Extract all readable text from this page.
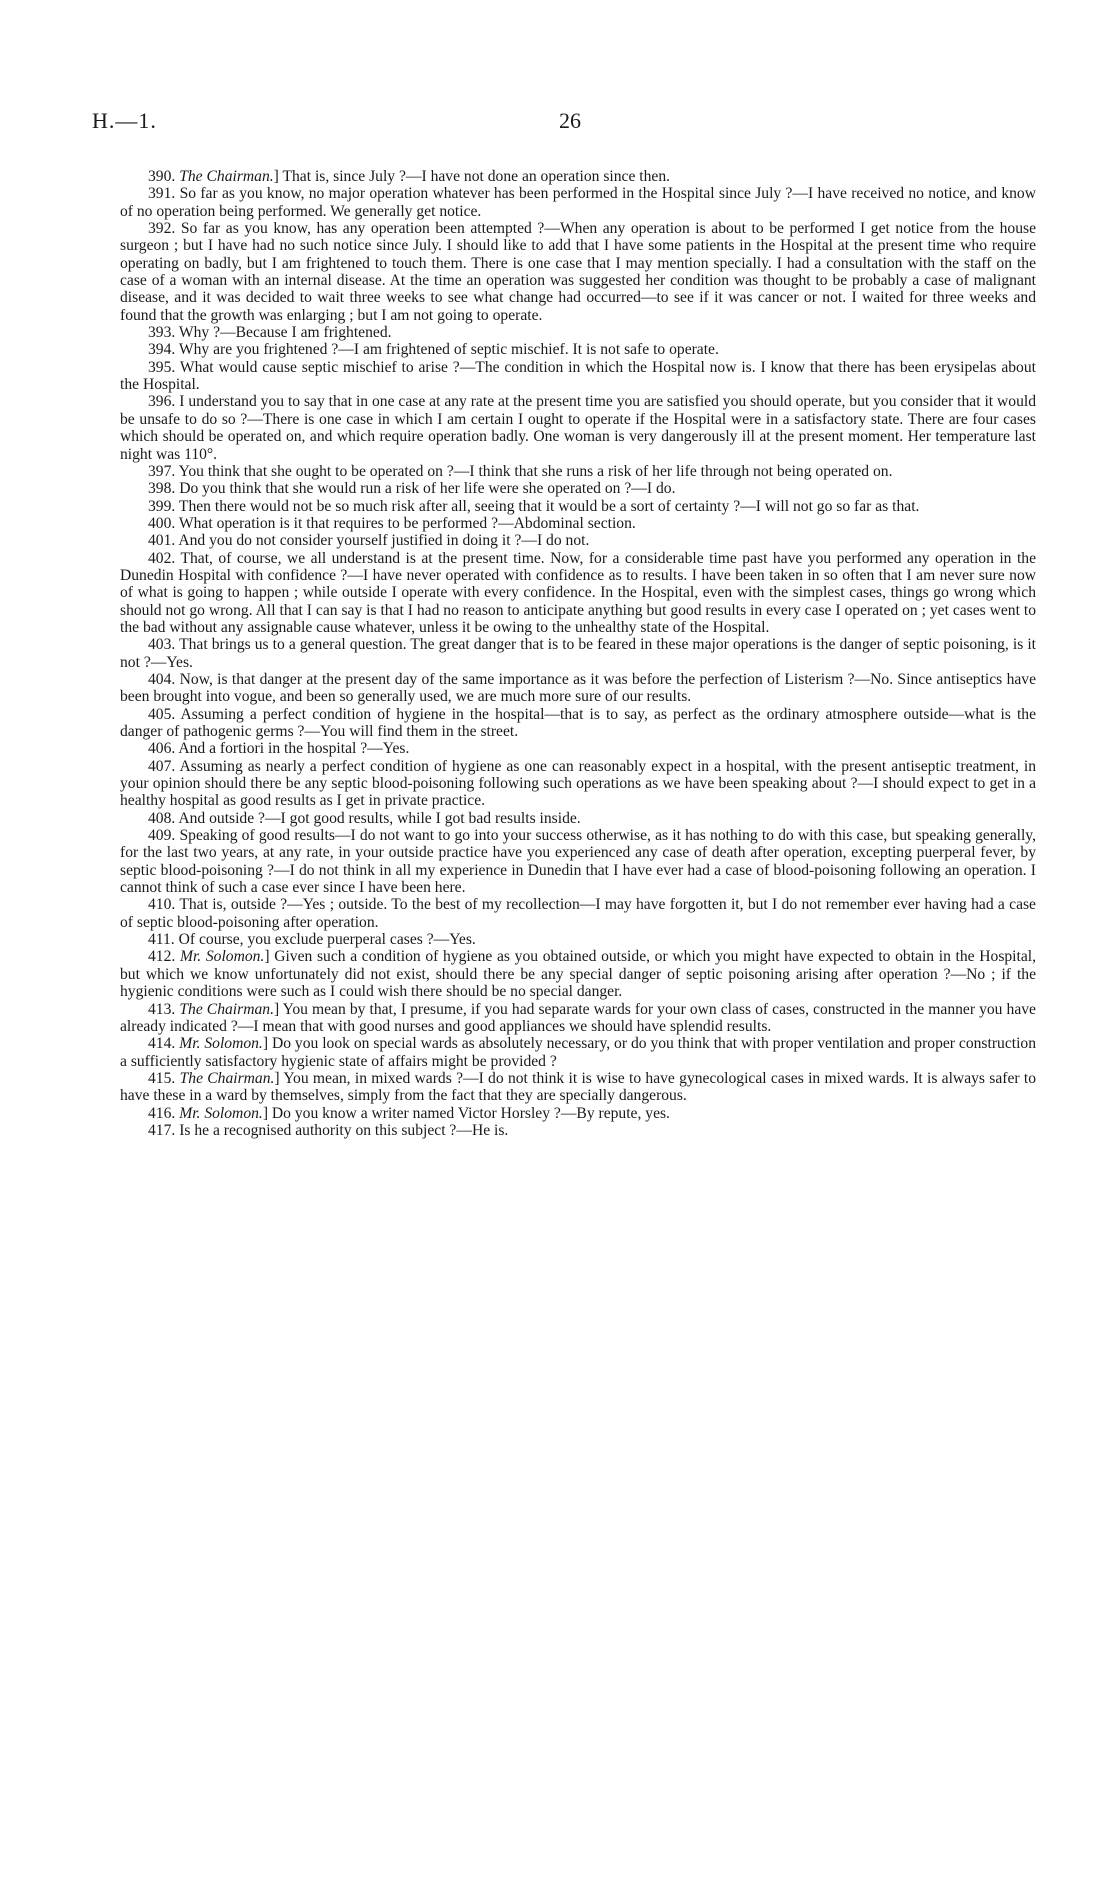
H.—1.	26

390. The Chairman.] That is, since July ?—I have not done an operation since then.

391. So far as you know, no major operation whatever has been performed in the Hospital since July ?—I have received no notice, and know of no operation being performed. We generally get notice.

392. So far as you know, has any operation been attempted ?—When any operation is about to be performed I get notice from the house surgeon ; but I have had no such notice since July. I should like to add that I have some patients in the Hospital at the present time who require operating on badly, but I am frightened to touch them. There is one case that I may mention specially. I had a consultation with the staff on the case of a woman with an internal disease. At the time an operation was suggested her condition was thought to be probably a case of malignant disease, and it was decided to wait three weeks to see what change had occurred—to see if it was cancer or not. I waited for three weeks and found that the growth was enlarging ; but I am not going to operate.

393. Why ?—Because I am frightened.

394. Why are you frightened ?—I am frightened of septic mischief. It is not safe to operate.

395. What would cause septic mischief to arise ?—The condition in which the Hospital now is. I know that there has been erysipelas about the Hospital.

396. I understand you to say that in one case at any rate at the present time you are satisfied you should operate, but you consider that it would be unsafe to do so ?—There is one case in which I am certain I ought to operate if the Hospital were in a satisfactory state. There are four cases which should be operated on, and which require operation badly. One woman is very dangerously ill at the present moment. Her temperature last night was 110°.

397. You think that she ought to be operated on ?—I think that she runs a risk of her life through not being operated on.

398. Do you think that she would run a risk of her life were she operated on ?—I do.

399. Then there would not be so much risk after all, seeing that it would be a sort of certainty ?—I will not go so far as that.

400. What operation is it that requires to be performed ?—Abdominal section.

401. And you do not consider yourself justified in doing it ?—I do not.

402. That, of course, we all understand is at the present time. Now, for a considerable time past have you performed any operation in the Dunedin Hospital with confidence ?—I have never operated with confidence as to results. I have been taken in so often that I am never sure now of what is going to happen ; while outside I operate with every confidence. In the Hospital, even with the simplest cases, things go wrong which should not go wrong. All that I can say is that I had no reason to anticipate anything but good results in every case I operated on ; yet cases went to the bad without any assignable cause whatever, unless it be owing to the unhealthy state of the Hospital.

403. That brings us to a general question. The great danger that is to be feared in these major operations is the danger of septic poisoning, is it not ?—Yes.

404. Now, is that danger at the present day of the same importance as it was before the perfection of Listerism ?—No. Since antiseptics have been brought into vogue, and been so generally used, we are much more sure of our results.

405. Assuming a perfect condition of hygiene in the hospital—that is to say, as perfect as the ordinary atmosphere outside—what is the danger of pathogenic germs ?—You will find them in the street.

406. And a fortiori in the hospital ?—Yes.

407. Assuming as nearly a perfect condition of hygiene as one can reasonably expect in a hospital, with the present antiseptic treatment, in your opinion should there be any septic blood-poisoning following such operations as we have been speaking about ?—I should expect to get in a healthy hospital as good results as I get in private practice.

408. And outside ?—I got good results, while I got bad results inside.

409. Speaking of good results—I do not want to go into your success otherwise, as it has nothing to do with this case, but speaking generally, for the last two years, at any rate, in your outside practice have you experienced any case of death after operation, excepting puerperal fever, by septic blood-poisoning ?—I do not think in all my experience in Dunedin that I have ever had a case of blood-poisoning following an operation. I cannot think of such a case ever since I have been here.

410. That is, outside ?—Yes ; outside. To the best of my recollection—I may have forgotten it, but I do not remember ever having had a case of septic blood-poisoning after operation.

411. Of course, you exclude puerperal cases ?—Yes.

412. Mr. Solomon.] Given such a condition of hygiene as you obtained outside, or which you might have expected to obtain in the Hospital, but which we know unfortunately did not exist, should there be any special danger of septic poisoning arising after operation ?—No ; if the hygienic conditions were such as I could wish there should be no special danger.

413. The Chairman.] You mean by that, I presume, if you had separate wards for your own class of cases, constructed in the manner you have already indicated ?—I mean that with good nurses and good appliances we should have splendid results.

414. Mr. Solomon.] Do you look on special wards as absolutely necessary, or do you think that with proper ventilation and proper construction a sufficiently satisfactory hygienic state of affairs might be provided ?

415. The Chairman.] You mean, in mixed wards ?—I do not think it is wise to have gynecological cases in mixed wards. It is always safer to have these in a ward by themselves, simply from the fact that they are specially dangerous.

416. Mr. Solomon.] Do you know a writer named Victor Horsley ?—By repute, yes.

417. Is he a recognised authority on this subject ?—He is.
